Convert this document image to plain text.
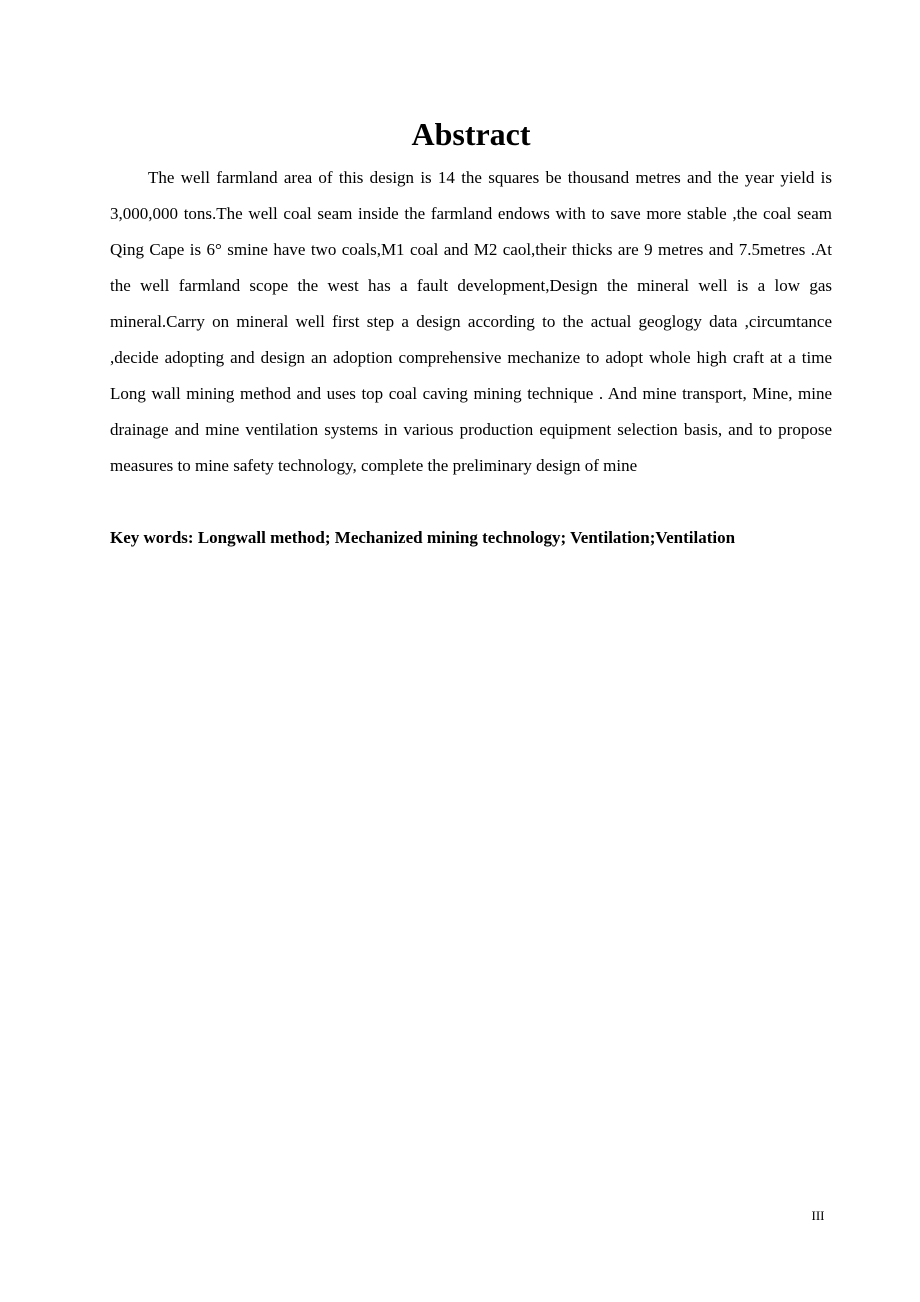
Abstract

The well farmland area of this design is 14 the squares be thousand metres and the year yield is 3,000,000 tons.The well coal seam inside the farmland endows with to save more stable ,the coal seam Qing Cape is 6° smine have two coals,M1 coal and M2 caol,their thicks are 9 metres and 7.5metres .At the well farmland scope the west has a fault development,Design the mineral well is a low gas mineral.Carry on mineral well first step a design according to the actual geoglogy data ,circumtance ,decide adopting and design an adoption comprehensive mechanize to adopt whole high craft at a time Long wall mining method and uses top coal caving mining technique . And mine transport, Mine, mine drainage and mine ventilation systems in various production equipment selection basis, and to propose measures to mine safety technology, complete the preliminary design of mine

Key words: Longwall method; Mechanized mining technology; Ventilation;Ventilation

III
